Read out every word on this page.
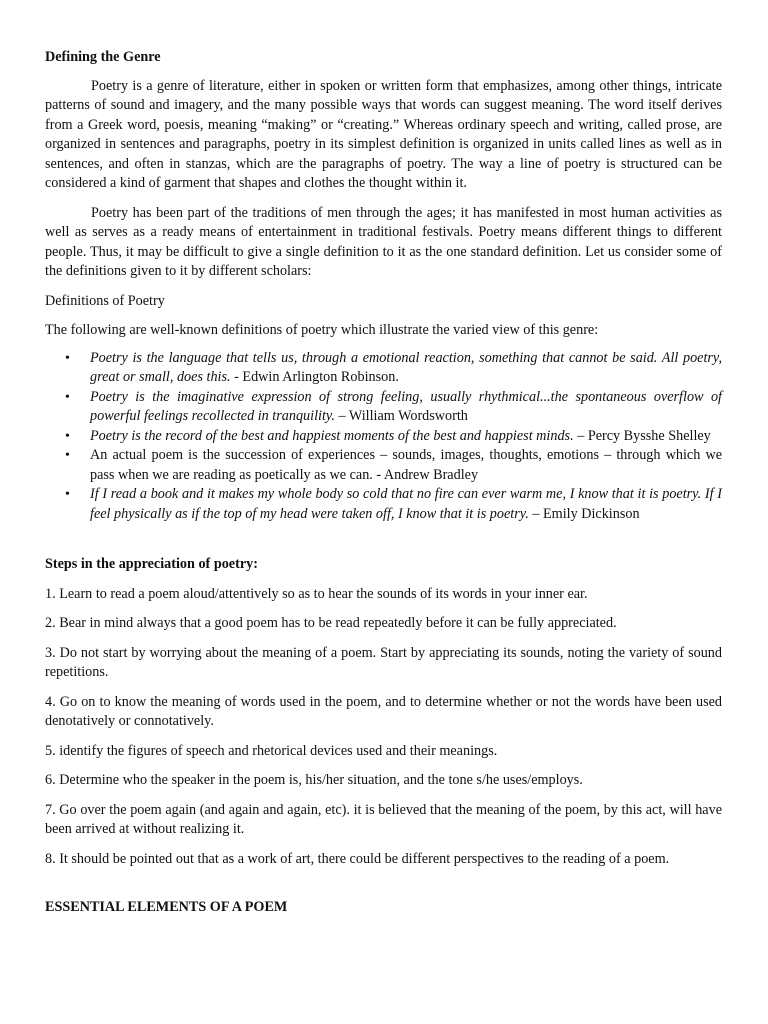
Defining the Genre

Poetry is a genre of literature, either in spoken or written form that emphasizes, among other things, intricate patterns of sound and imagery, and the many possible ways that words can suggest meaning. The word itself derives from a Greek word, poesis, meaning “making” or “creating.” Whereas ordinary speech and writing, called prose, are organized in sentences and paragraphs, poetry in its simplest definition is organized in units called lines as well as in sentences, and often in stanzas, which are the paragraphs of poetry. The way a line of poetry is structured can be considered a kind of garment that shapes and clothes the thought within it.

Poetry has been part of the traditions of men through the ages; it has manifested in most human activities as well as serves as a ready means of entertainment in traditional festivals. Poetry means different things to different people. Thus, it may be difficult to give a single definition to it as the one standard definition. Let us consider some of the definitions given to it by different scholars:

Definitions of Poetry

The following are well-known definitions of poetry which illustrate the varied view of this genre:

• Poetry is the language that tells us, through a emotional reaction, something that cannot be said. All poetry, great or small, does this. - Edwin Arlington Robinson.
• Poetry is the imaginative expression of strong feeling, usually rhythmical...the spontaneous overflow of powerful feelings recollected in tranquility. – William Wordsworth
• Poetry is the record of the best and happiest moments of the best and happiest minds. – Percy Bysshe Shelley
• An actual poem is the succession of experiences – sounds, images, thoughts, emotions – through which we pass when we are reading as poetically as we can. - Andrew Bradley
• If I read a book and it makes my whole body so cold that no fire can ever warm me, I know that it is poetry. If I feel physically as if the top of my head were taken off, I know that it is poetry. – Emily Dickinson

Steps in the appreciation of poetry:

1. Learn to read a poem aloud/attentively so as to hear the sounds of its words in your inner ear.

2. Bear in mind always that a good poem has to be read repeatedly before it can be fully appreciated.

3. Do not start by worrying about the meaning of a poem. Start by appreciating its sounds, noting the variety of sound repetitions.

4. Go on to know the meaning of words used in the poem, and to determine whether or not the words have been used denotatively or connotatively.

5. identify the figures of speech and rhetorical devices used and their meanings.

6. Determine who the speaker in the poem is, his/her situation, and the tone s/he uses/employs.

7. Go over the poem again (and again and again, etc). it is believed that the meaning of the poem, by this act, will have been arrived at without realizing it.

8. It should be pointed out that as a work of art, there could be different perspectives to the reading of a poem.

ESSENTIAL ELEMENTS OF A POEM
